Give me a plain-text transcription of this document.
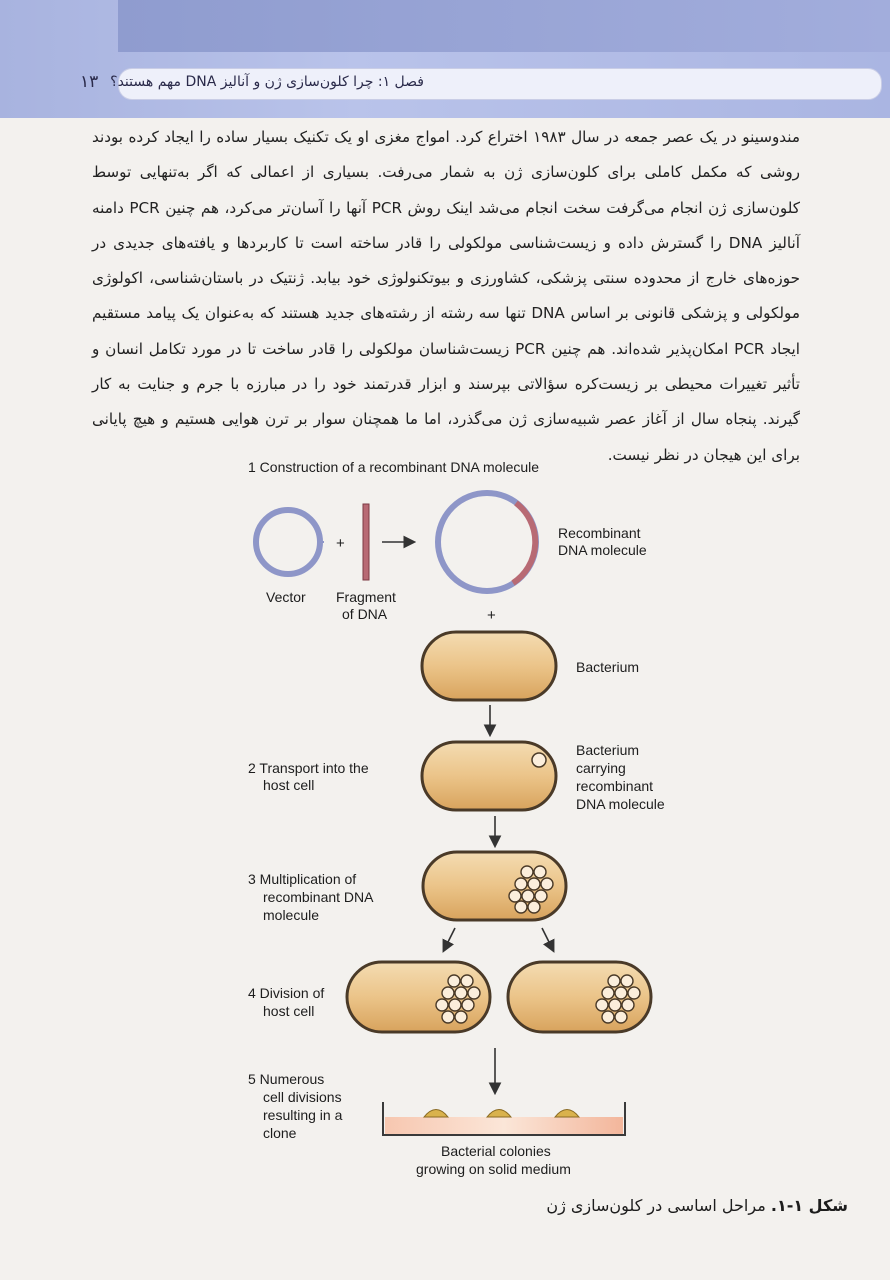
فصل ۱: چرا کلون‌سازی ژن و آنالیز DNA مهم هستند؟
۱۳
مندوسینو در یک عصر جمعه در سال ۱۹۸۳ اختراع کرد. امواج مغزی او یک تکنیک بسیار ساده را ایجاد کرده بودند روشی که مکمل کاملی برای کلون‌سازی ژن به شمار می‌رفت. بسیاری از اعمالی که اگر به‌تنهایی توسط کلون‌سازی ژن انجام می‌گرفت سخت انجام می‌شد اینک روش PCR آنها را آسان‌تر می‌کرد، هم چنین PCR دامنه آنالیز DNA را گسترش داده و زیست‌شناسی مولکولی را قادر ساخته است تا کاربردها و یافته‌های جدیدی در حوزه‌های خارج از محدوده سنتی پزشکی، کشاورزی و بیوتکنولوژی خود بیابد. ژنتیک در باستان‌شناسی، اکولوژی مولکولی و پزشکی قانونی بر اساس DNA تنها سه رشته از رشته‌های جدید هستند که به‌عنوان یک پیامد مستقیم ایجاد PCR امکان‌پذیر شده‌اند. هم چنین PCR زیست‌شناسان مولکولی را قادر ساخت تا در مورد تکامل انسان و تأثیر تغییرات محیطی بر زیست‌کره سؤالاتی بپرسند و ابزار قدرتمند خود را در مبارزه با جرم و جنایت به کار گیرند. پنجاه سال از آغاز عصر شبیه‌سازی ژن می‌گذرد، اما ما همچنان سوار بر ترن هوایی هستیم و هیچ پایانی برای این هیجان در نظر نیست.
1 Construction of a recombinant DNA molecule
Vector
+
Fragment
of DNA
Recombinant
DNA molecule
+
Bacterium
2 Transport into the
host cell
Bacterium
carrying
recombinant
DNA molecule
3 Multiplication of
recombinant DNA
molecule
4 Division of
host cell
5 Numerous
cell divisions
resulting in a
clone
Bacterial colonies
growing on solid medium
شکل ۱-۱. مراحل اساسی در کلون‌سازی ژن
